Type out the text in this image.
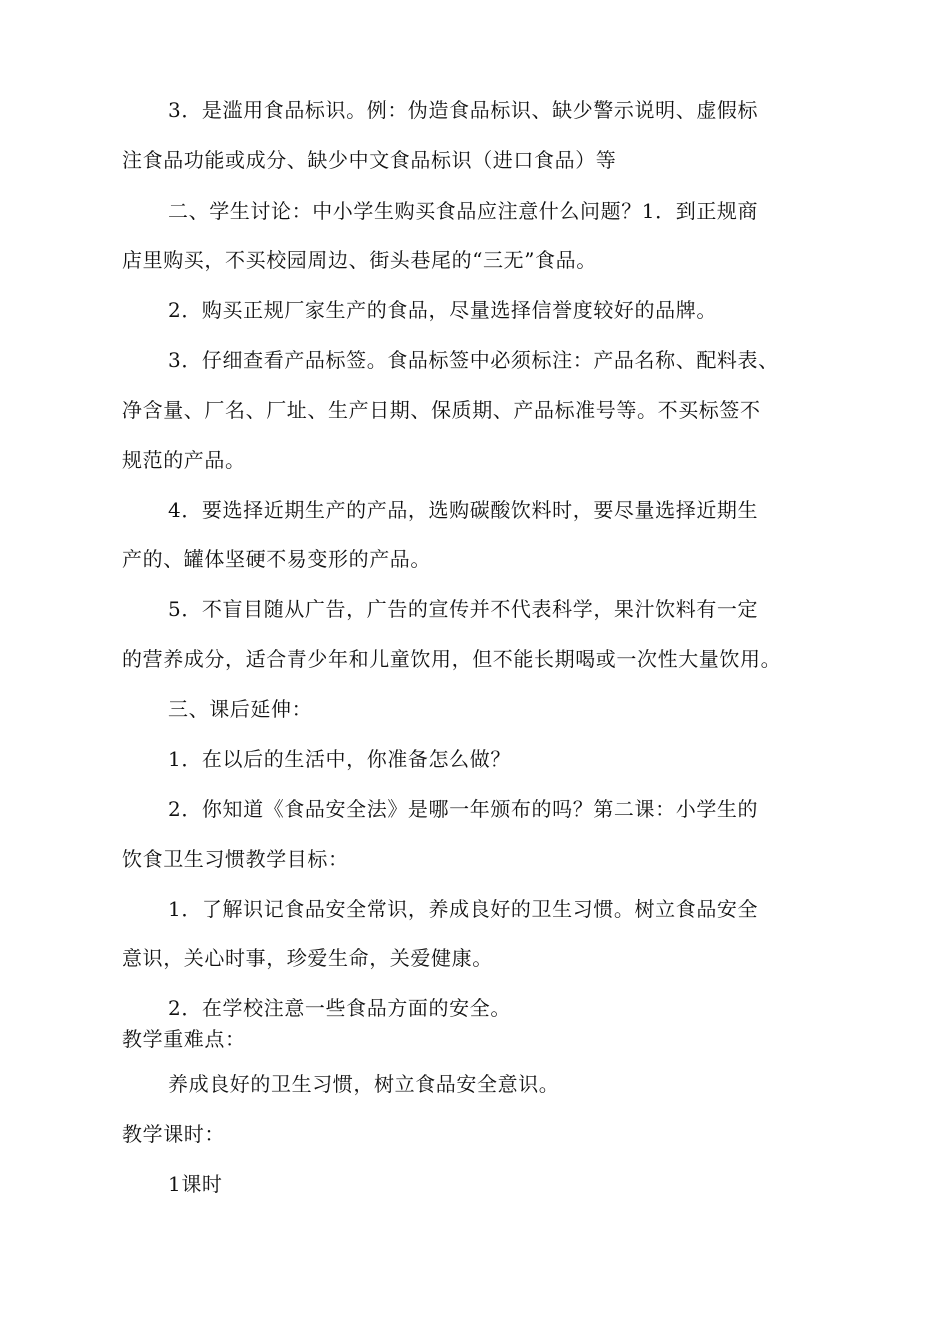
3．是滥用食品标识。例：伪造食品标识、缺少警示说明、虚假标
注食品功能或成分、缺少中文食品标识（进口食品）等
二、学生讨论：中小学生购买食品应注意什么问题？1．到正规商
店里购买，不买校园周边、街头巷尾的“三无”食品。
2．购买正规厂家生产的食品，尽量选择信誉度较好的品牌。
3．仔细查看产品标签。食品标签中必须标注：产品名称、配料表、
净含量、厂名、厂址、生产日期、保质期、产品标准号等。不买标签不
规范的产品。
4．要选择近期生产的产品，选购碳酸饮料时，要尽量选择近期生
产的、罐体坚硬不易变形的产品。
5．不盲目随从广告，广告的宣传并不代表科学，果汁饮料有一定
的营养成分，适合青少年和儿童饮用，但不能长期喝或一次性大量饮用。
三、课后延伸：
1．在以后的生活中，你准备怎么做？
2．你知道《食品安全法》是哪一年颁布的吗？第二课：小学生的
饮食卫生习惯教学目标：
1．了解识记食品安全常识，养成良好的卫生习惯。树立食品安全
意识，关心时事，珍爱生命，关爱健康。
2．在学校注意一些食品方面的安全。
教学重难点：
养成良好的卫生习惯，树立食品安全意识。
教学课时：
1课时
